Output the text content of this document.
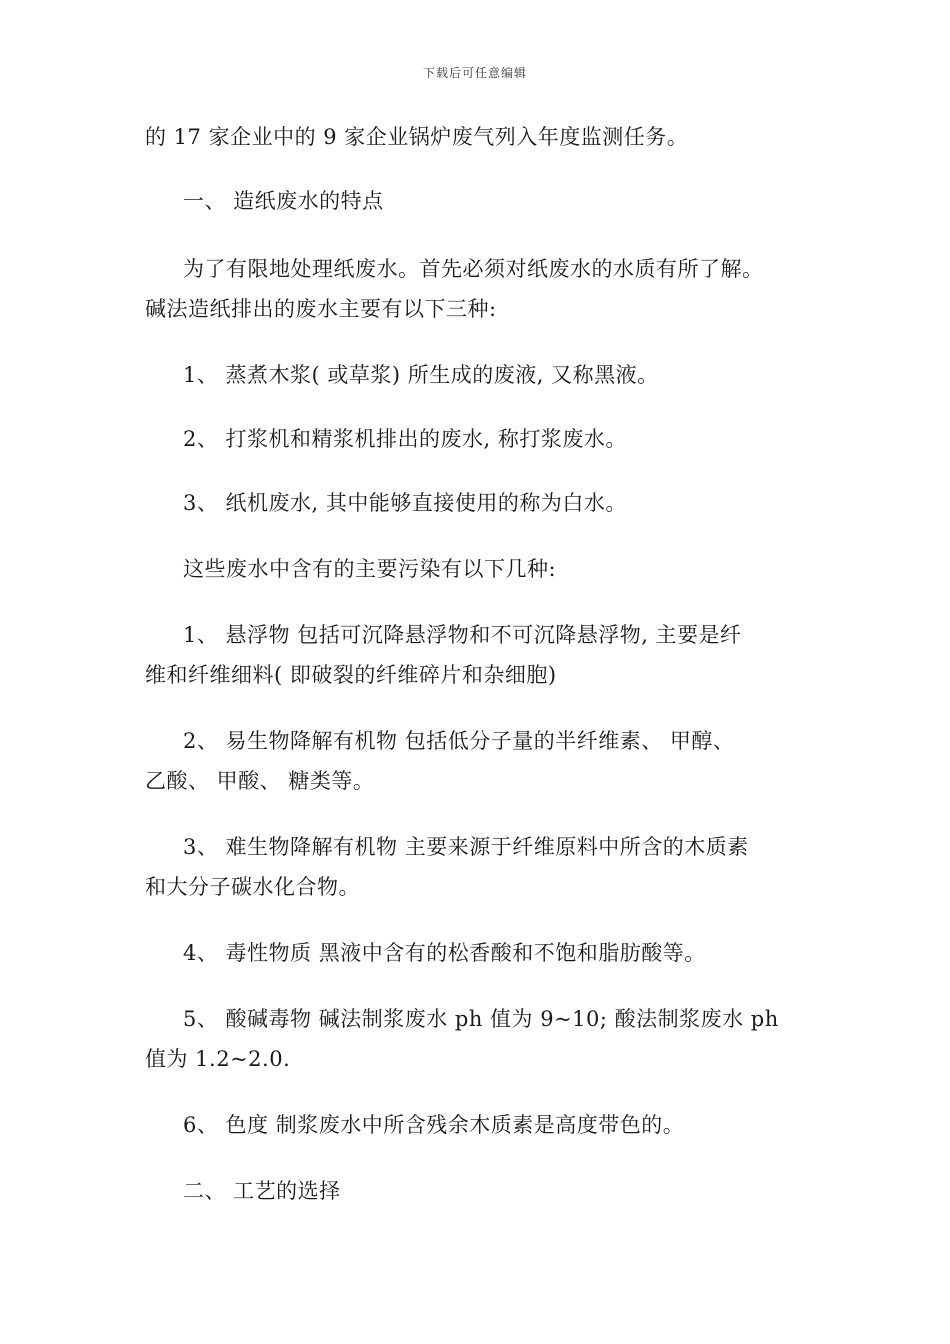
下载后可任意编辑
的 17 家企业中的 9 家企业锅炉废气列入年度监测任务。
一、 造纸废水的特点
为了有限地处理纸废水。首先必须对纸废水的水质有所了解。
碱法造纸排出的废水主要有以下三种:
1、 蒸煮木浆( 或草浆) 所生成的废液, 又称黑液。
2、 打浆机和精浆机排出的废水, 称打浆废水。
3、 纸机废水, 其中能够直接使用的称为白水。
这些废水中含有的主要污染有以下几种:
1、 悬浮物 包括可沉降悬浮物和不可沉降悬浮物, 主要是纤
维和纤维细料( 即破裂的纤维碎片和杂细胞)
2、 易生物降解有机物 包括低分子量的半纤维素、 甲醇、
乙酸、 甲酸、 糖类等。
3、 难生物降解有机物 主要来源于纤维原料中所含的木质素
和大分子碳水化合物。
4、 毒性物质 黑液中含有的松香酸和不饱和脂肪酸等。
5、 酸碱毒物 碱法制浆废水 ph 值为 9~10; 酸法制浆废水 ph
值为 1.2~2.0.
6、 色度 制浆废水中所含残余木质素是高度带色的。
二、 工艺的选择
